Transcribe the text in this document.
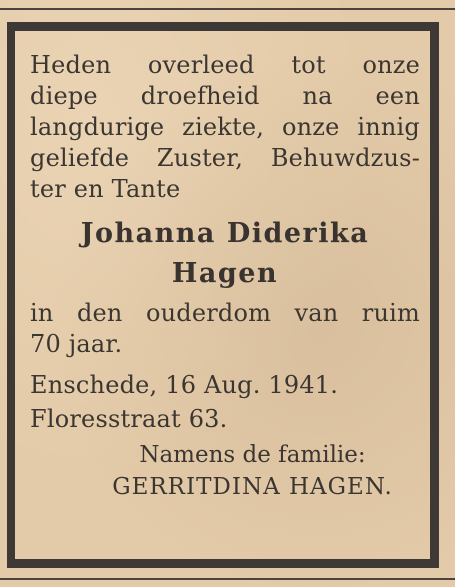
Heden overleed tot onze
diepe droefheid na een
langdurige ziekte, onze innig
geliefde Zuster, Behuwdzus-
ter en Tante
Johanna Diderika
Hagen
in den ouderdom van ruim
70 jaar.
Enschede, 16 Aug. 1941.
Floresstraat 63.
Namens de familie:
GERRITDINA HAGEN.
